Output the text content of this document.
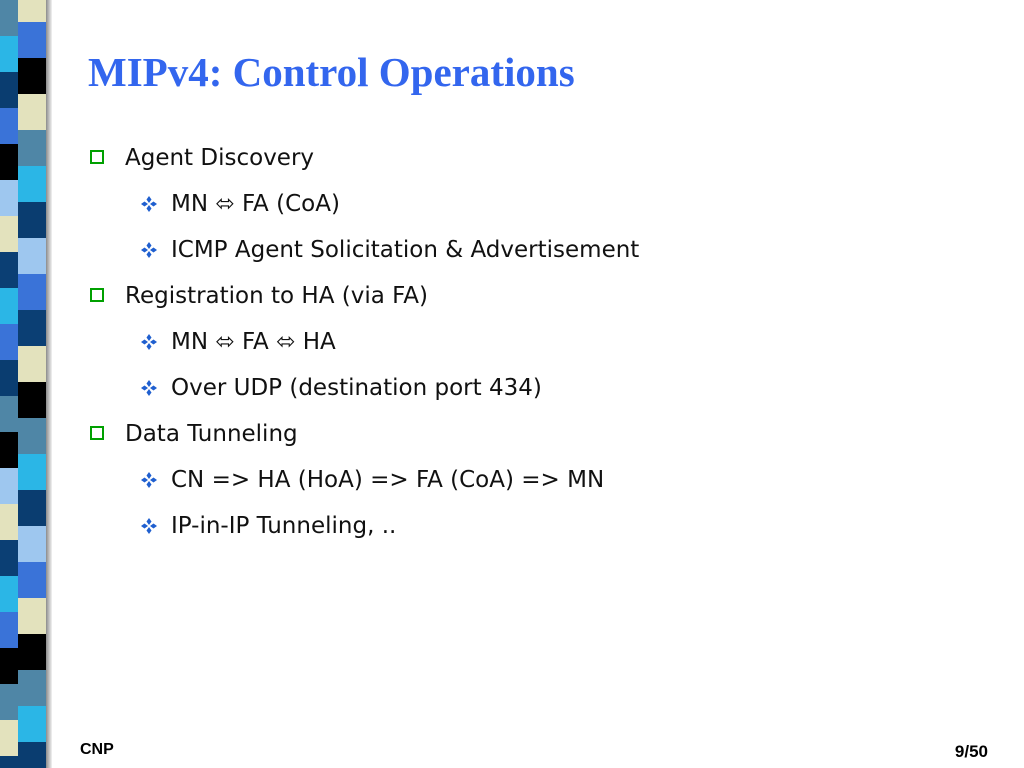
MIPv4: Control Operations
Agent Discovery
MN ⬄ FA (CoA)
ICMP Agent Solicitation & Advertisement
Registration to HA (via FA)
MN ⬄ FA ⬄ HA
Over UDP (destination port 434)
Data Tunneling
CN => HA (HoA) => FA (CoA) => MN
IP-in-IP Tunneling, ..
CNP	9/50
